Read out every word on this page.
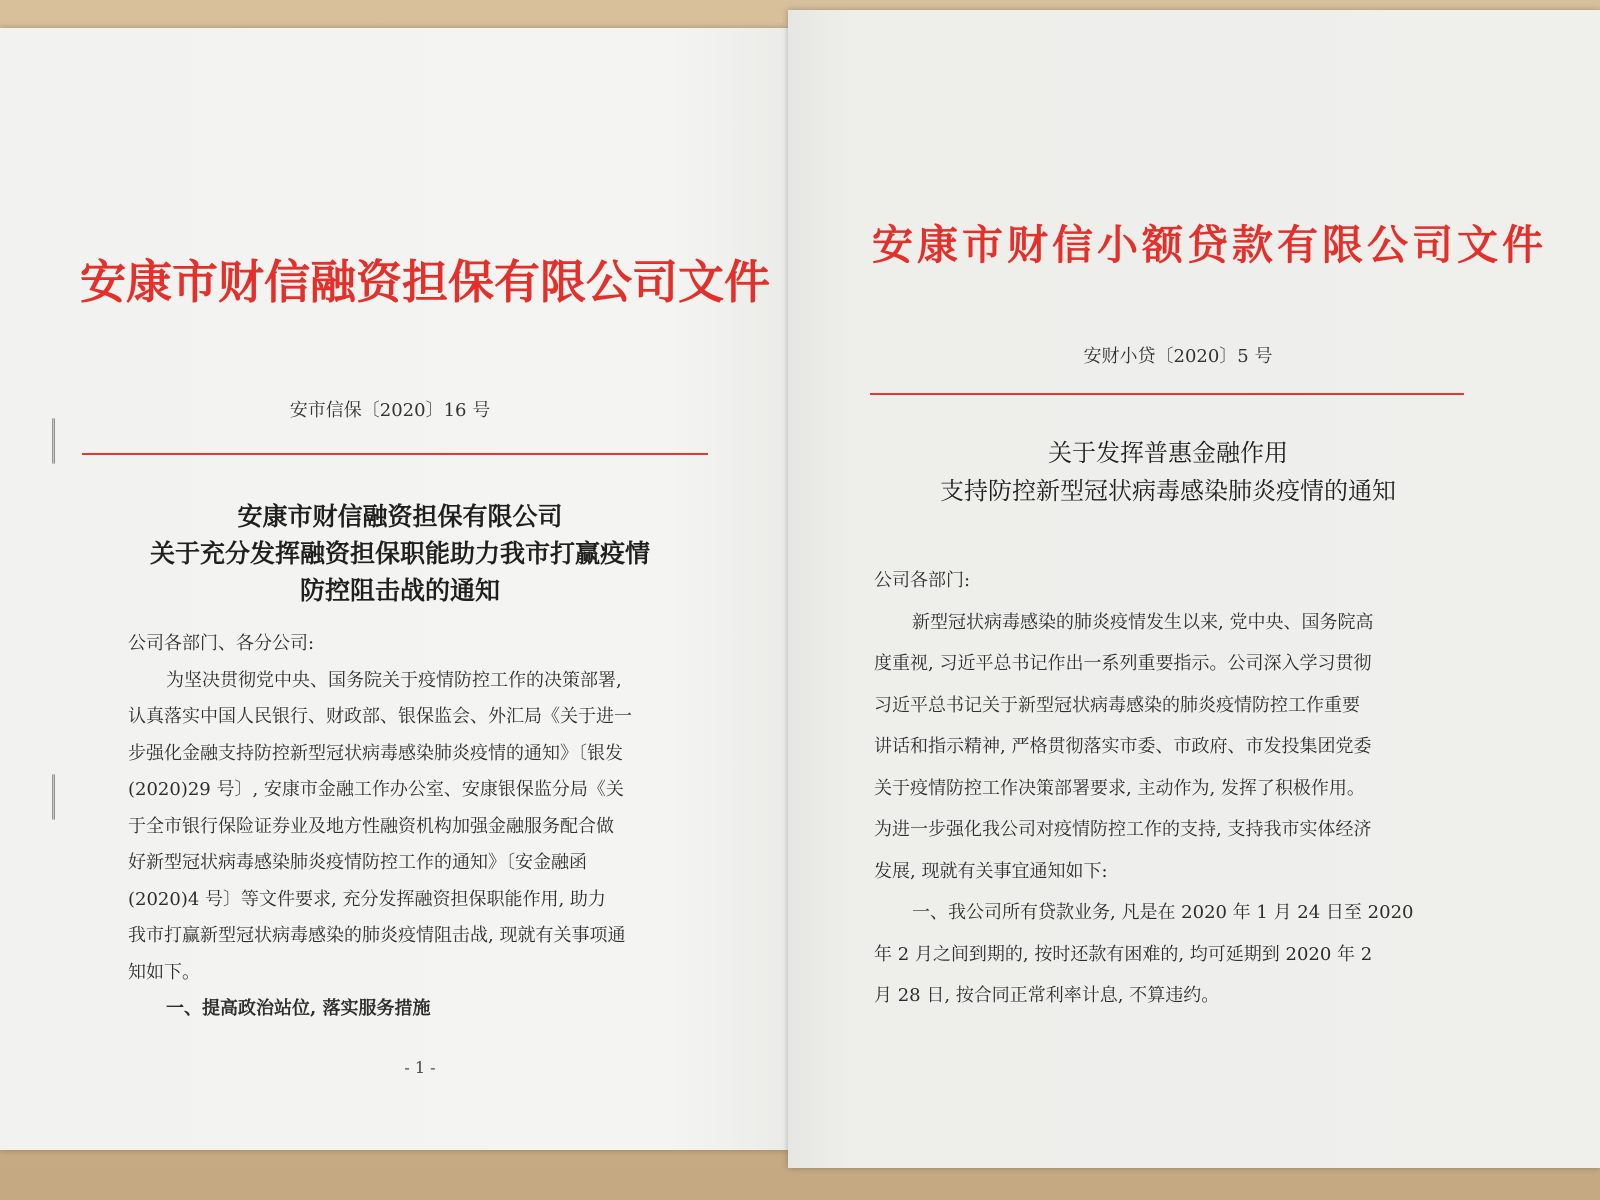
安康市财信融资担保有限公司文件
安市信保〔2020〕16 号
安康市财信融资担保有限公司
关于充分发挥融资担保职能助力我市打赢疫情
防控阻击战的通知

公司各部门、各分公司:

为坚决贯彻党中央、国务院关于疫情防控工作的决策部署,

认真落实中国人民银行、财政部、银保监会、外汇局《关于进一

步强化金融支持防控新型冠状病毒感染肺炎疫情的通知》〔银发

(2020)29 号〕, 安康市金融工作办公室、安康银保监分局《关

于全市银行保险证券业及地方性融资机构加强金融服务配合做

好新型冠状病毒感染肺炎疫情防控工作的通知》〔安金融函

(2020)4 号〕等文件要求, 充分发挥融资担保职能作用, 助力

我市打赢新型冠状病毒感染的肺炎疫情阻击战, 现就有关事项通

知如下。

一、提高政治站位, 落实服务措施

- 1 -
安康市财信小额贷款有限公司文件
安财小贷〔2020〕5 号
关于发挥普惠金融作用
支持防控新型冠状病毒感染肺炎疫情的通知

公司各部门:

新型冠状病毒感染的肺炎疫情发生以来, 党中央、国务院高

度重视, 习近平总书记作出一系列重要指示。公司深入学习贯彻

习近平总书记关于新型冠状病毒感染的肺炎疫情防控工作重要

讲话和指示精神, 严格贯彻落实市委、市政府、市发投集团党委

关于疫情防控工作决策部署要求, 主动作为, 发挥了积极作用。

为进一步强化我公司对疫情防控工作的支持, 支持我市实体经济

发展, 现就有关事宜通知如下:

一、我公司所有贷款业务, 凡是在 2020 年 1 月 24 日至 2020

年 2 月之间到期的, 按时还款有困难的, 均可延期到 2020 年 2

月 28 日, 按合同正常利率计息, 不算违约。
